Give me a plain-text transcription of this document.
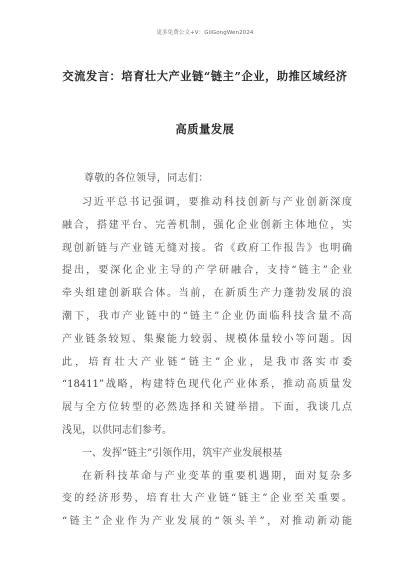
更多免费公文+V：GilGongWen2024
交流发言：培育壮大产业链“链主”企业，助推区域经济
高质量发展
尊敬的各位领导，同志们：
习近平总书记强调，要推动科技创新与产业创新深度
融合，搭建平台、完善机制，强化企业创新主体地位，实
现创新链与产业链无缝对接。省《政府工作报告》也明确
提出，要深化企业主导的产学研融合，支持“链主”企业
牵头组建创新联合体。当前，在新质生产力蓬勃发展的浪
潮下，我市产业链中的“链主”企业仍面临科技含量不高
产业链条较短、集聚能力较弱、规模体量较小等问题。因
此，培育壮大产业链“链主”企业，是我市落实市委
“18411”战略，构建特色现代化产业体系，推动高质量发
展与全方位转型的必然选择和关键举措。下面，我谈几点
浅见，以供同志们参考。
一、发挥“链主”引领作用，筑牢产业发展根基
在新科技革命与产业变革的重要机遇期，面对复杂多
变的经济形势，培育壮大产业链“链主”企业至关重要。
“链主”企业作为产业发展的“领头羊”，对推动新动能
